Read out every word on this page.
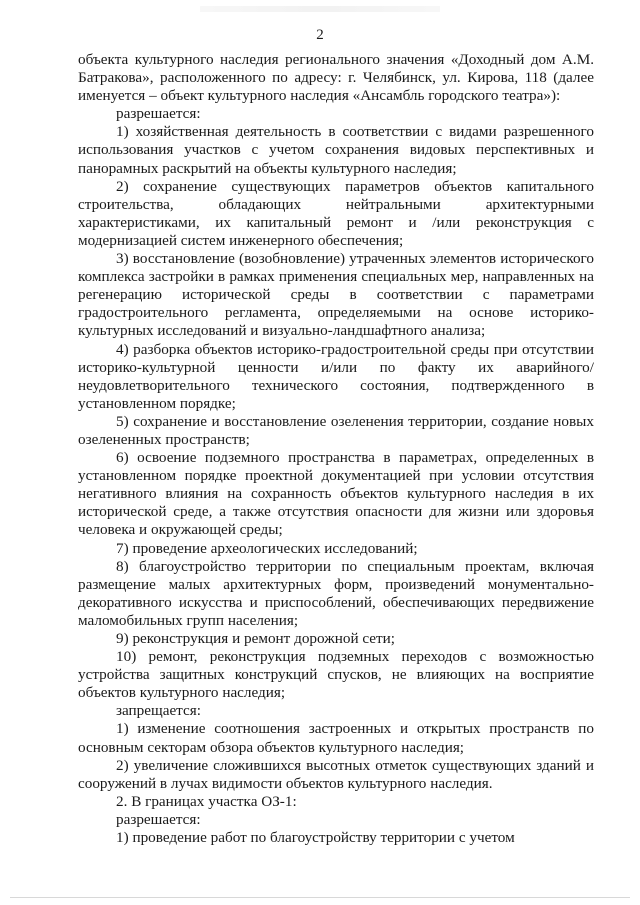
2

объекта культурного наследия регионального значения «Доходный дом А.М. Батракова», расположенного по адресу: г. Челябинск, ул. Кирова, 118 (далее именуется – объект культурного наследия «Ансамбль городского театра»):

разрешается:

1) хозяйственная деятельность в соответствии с видами разрешенного использования участков с учетом сохранения видовых перспективных и панорамных раскрытий на объекты культурного наследия;

2) сохранение существующих параметров объектов капитального строительства, обладающих нейтральными архитектурными характеристиками, их капитальный ремонт и /или реконструкция с модернизацией систем инженерного обеспечения;

3) восстановление (возобновление) утраченных элементов исторического комплекса застройки в рамках применения специальных мер, направленных на регенерацию исторической среды в соответствии с параметрами градостроительного регламента, определяемыми на основе историко-культурных исследований и визуально-ландшафтного анализа;

4) разборка объектов историко-градостроительной среды при отсутствии историко-культурной ценности и/или по факту их аварийного/неудовлетворительного технического состояния, подтвержденного в установленном порядке;

5) сохранение и восстановление озеленения территории, создание новых озелененных пространств;

6) освоение подземного пространства в параметрах, определенных в установленном порядке проектной документацией при условии отсутствия негативного влияния на сохранность объектов культурного наследия в их исторической среде, а также отсутствия опасности для жизни или здоровья человека и окружающей среды;

7) проведение археологических исследований;

8) благоустройство территории по специальным проектам, включая размещение малых архитектурных форм, произведений монументально-декоративного искусства и приспособлений, обеспечивающих передвижение маломобильных групп населения;

9) реконструкция и ремонт дорожной сети;

10) ремонт, реконструкция подземных переходов с возможностью устройства защитных конструкций спусков, не влияющих на восприятие объектов культурного наследия;

запрещается:

1) изменение соотношения застроенных и открытых пространств по основным секторам обзора объектов культурного наследия;

2) увеличение сложившихся высотных отметок существующих зданий и сооружений в лучах видимости объектов культурного наследия.

2. В границах участка ОЗ-1:

разрешается:

1) проведение работ по благоустройству территории с учетом
